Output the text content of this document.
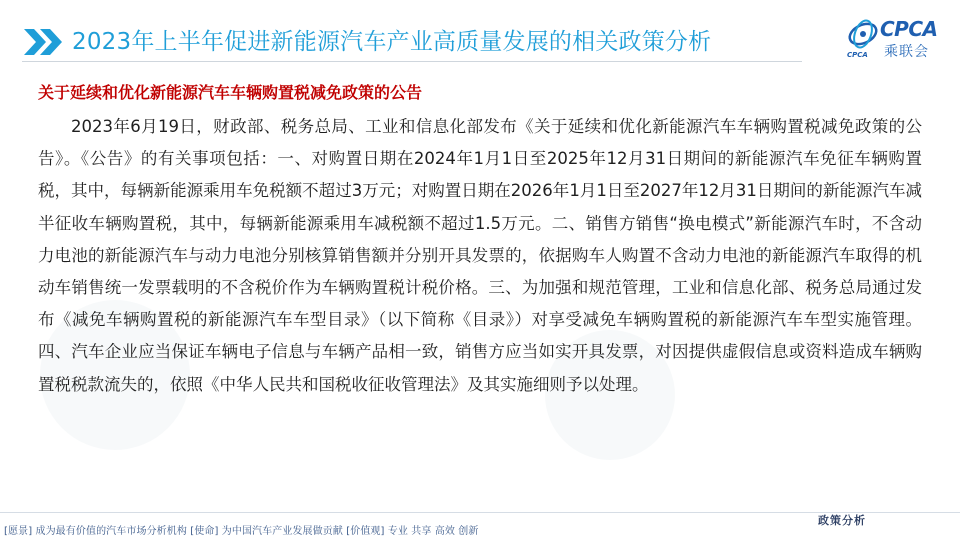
2023年上半年促进新能源汽车产业高质量发展的相关政策分析	CPCA
CPCA
乘联会
关于延续和优化新能源汽车车辆购置税减免政策的公告

2023年6月19日，财政部、税务总局、工业和信息化部发布《关于延续和优化新能源汽车车辆购置税减免政策的公告》。《公告》的有关事项包括：一、对购置日期在2024年1月1日至2025年12月31日期间的新能源汽车免征车辆购置税，其中，每辆新能源乘用车免税额不超过3万元；对购置日期在2026年1月1日至2027年12月31日期间的新能源汽车减半征收车辆购置税，其中，每辆新能源乘用车减税额不超过1.5万元。二、销售方销售“换电模式”新能源汽车时，不含动力电池的新能源汽车与动力电池分别核算销售额并分别开具发票的，依据购车人购置不含动力电池的新能源汽车取得的机动车销售统一发票载明的不含税价作为车辆购置税计税价格。三、为加强和规范管理，工业和信息化部、税务总局通过发布《减免车辆购置税的新能源汽车车型目录》（以下简称《目录》）对享受减免车辆购置税的新能源汽车车型实施管理。四、汽车企业应当保证车辆电子信息与车辆产品相一致，销售方应当如实开具发票，对因提供虚假信息或资料造成车辆购置税税款流失的，依照《中华人民共和国税收征收管理法》及其实施细则予以处理。

[愿景] 成为最有价值的汽车市场分析机构 [使命] 为中国汽车产业发展做贡献 [价值观] 专业 共享 高效 创新
政策分析
